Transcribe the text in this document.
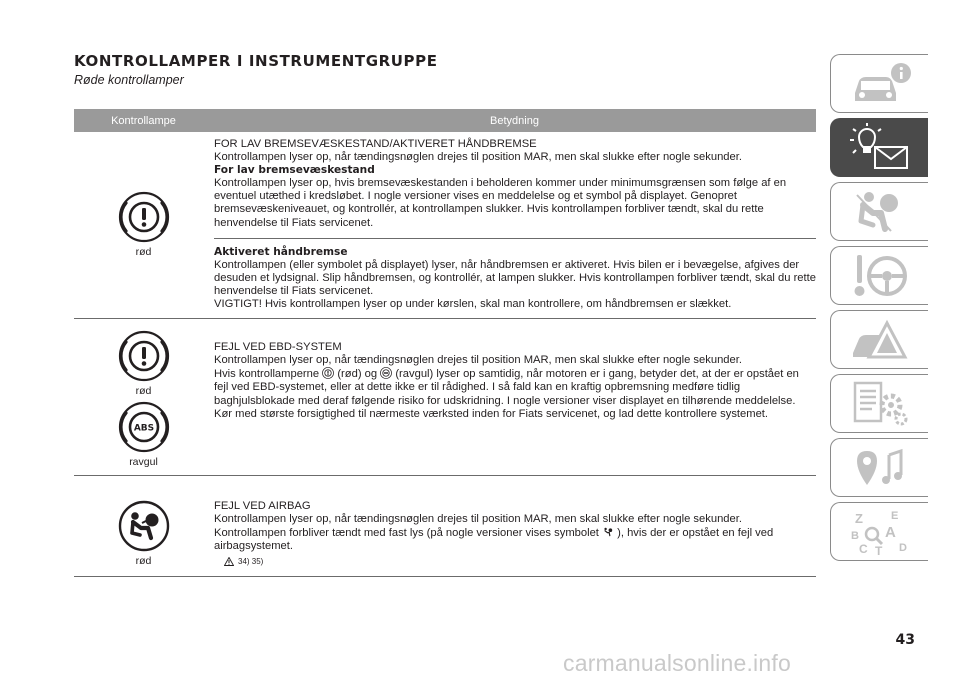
KONTROLLAMPER I INSTRUMENTGRUPPE
Røde kontrollamper
Kontrollampe	Betydning
rød
FOR LAV BREMSEVÆSKESTAND/AKTIVERET HÅNDBREMSE
Kontrollampen lyser op, når tændingsnøglen drejes til position MAR, men skal slukke efter nogle sekunder.
For lav bremsevæskestand
Kontrollampen lyser op, hvis bremsevæskestanden i beholderen kommer under minimumsgrænsen som følge af en eventuel utæthed i kredsløbet. I nogle versioner vises en meddelelse og et symbol på displayet. Genopret bremsevæskeniveauet, og kontrollér, at kontrollampen slukker. Hvis kontrollampen forbliver tændt, skal du rette henvendelse til Fiats servicenet.
Aktiveret håndbremse
Kontrollampen (eller symbolet på displayet) lyser, når håndbremsen er aktiveret. Hvis bilen er i bevægelse, afgives der desuden et lydsignal. Slip håndbremsen, og kontrollér, at lampen slukker. Hvis kontrollampen forbliver tændt, skal du rette henvendelse til Fiats servicenet.
VIGTIGT! Hvis kontrollampen lyser op under kørslen, skal man kontrollere, om håndbremsen er slækket.
rød
ABS
ravgul
FEJL VED EBD-SYSTEM
Kontrollampen lyser op, når tændingsnøglen drejes til position MAR, men skal slukke efter nogle sekunder.
Hvis kontrollamperne (rød) og (ravgul) lyser op samtidig, når motoren er i gang, betyder det, at der er opstået en fejl ved EBD-systemet, eller at dette ikke er til rådighed. I så fald kan en kraftig opbremsning medføre tidlig baghjulsblokade med deraf følgende risiko for udskridning. I nogle versioner viser displayet en tilhørende meddelelse. Kør med største forsigtighed til nærmeste værksted inden for Fiats servicenet, og lad dette kontrollere systemet.
rød
FEJL VED AIRBAG
Kontrollampen lyser op, når tændingsnøglen drejes til position MAR, men skal slukke efter nogle sekunder.
Kontrollampen forbliver tændt med fast lys (på nogle versioner vises symbolet ), hvis der er opstået en fejl ved airbagsystemet.
34) 35)
Z	E
B A
C T D
43
carmanualsonline.info
